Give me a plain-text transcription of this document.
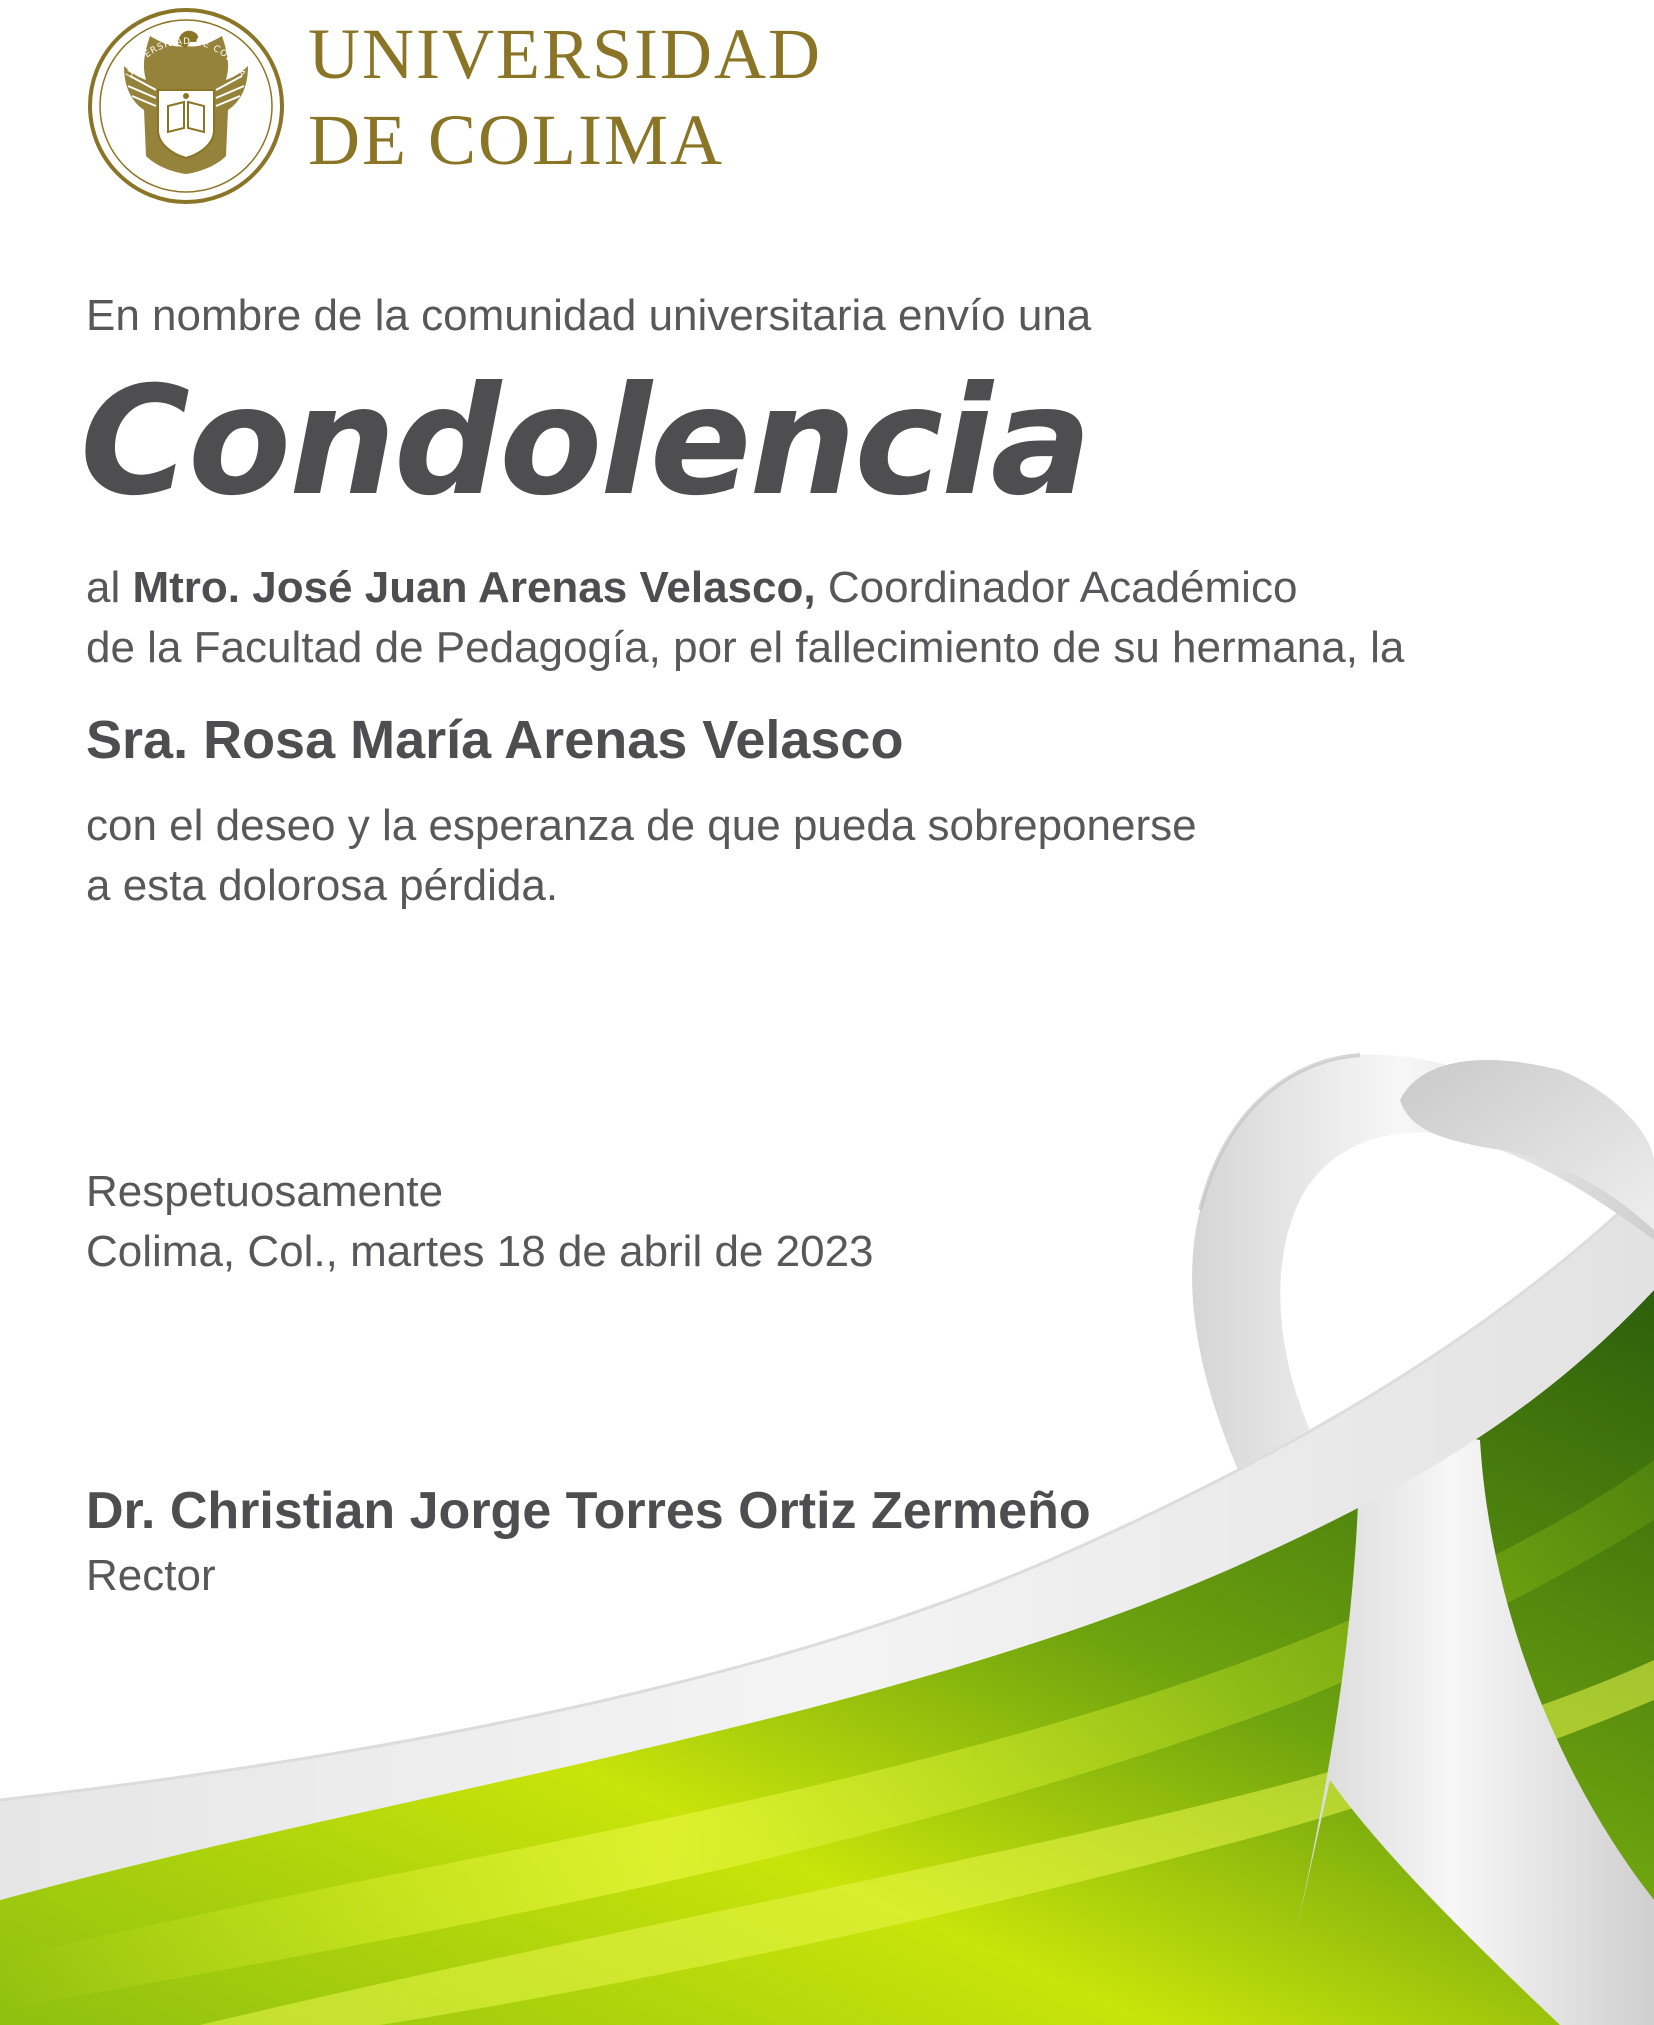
UNIVERSIDAD DE COLIMA UNIVERSIDAD
DE COLIMA
En nombre de la comunidad universitaria envío una
Condolencia
al Mtro. José Juan Arenas Velasco, Coordinador Académico
de la Facultad de Pedagogía, por el fallecimiento de su hermana, la
Sra. Rosa María Arenas Velasco
con el deseo y la esperanza de que pueda sobreponerse
a esta dolorosa pérdida.
Respetuosamente
Colima, Col., martes 18 de abril de 2023
Dr. Christian Jorge Torres Ortiz Zermeño
Rector
